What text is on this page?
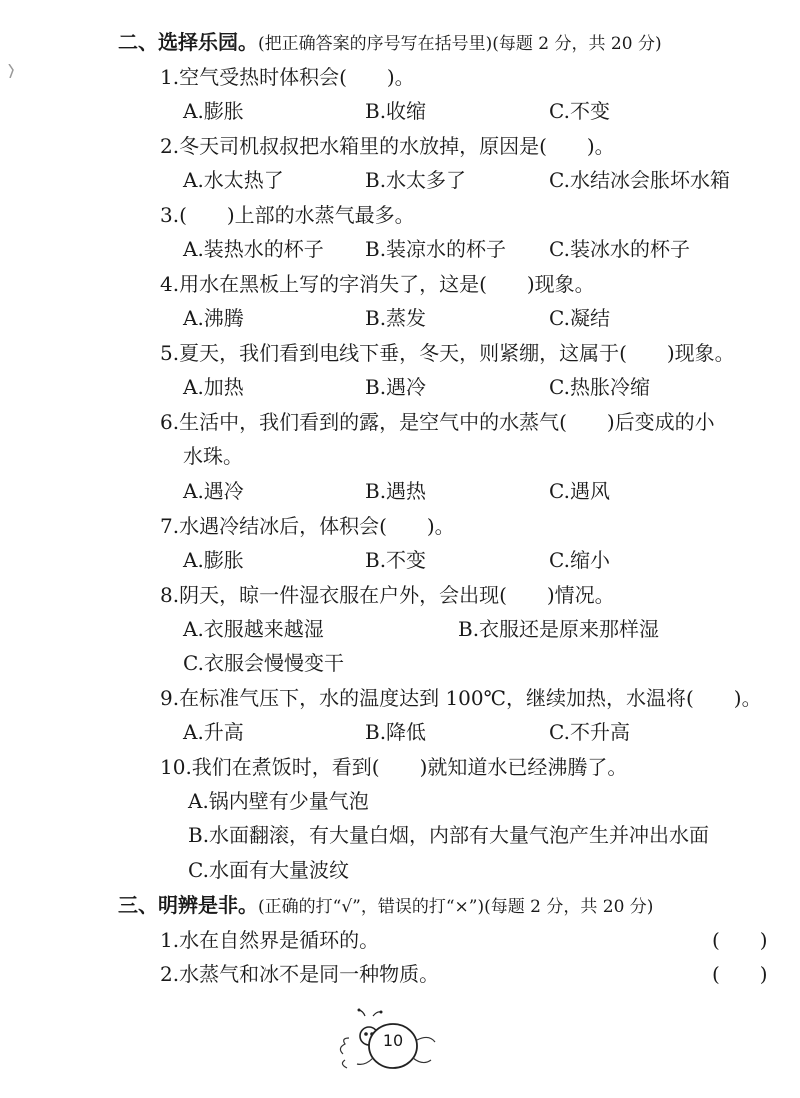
二、选择乐园。(把正确答案的序号写在括号里)(每题 2 分，共 20 分)
1.空气受热时体积会(　　)。
A.膨胀	B.收缩	C.不变
2.冬天司机叔叔把水箱里的水放掉，原因是(　　)。
A.水太热了	B.水太多了	C.水结冰会胀坏水箱
3.(　　)上部的水蒸气最多。
A.装热水的杯子 B.装凉水的杯子 C.装冰水的杯子
4.用水在黑板上写的字消失了，这是(　　)现象。
A.沸腾	B.蒸发	C.凝结
5.夏天，我们看到电线下垂，冬天，则紧绷，这属于(　　)现象。
A.加热	B.遇冷	C.热胀冷缩
6.生活中，我们看到的露，是空气中的水蒸气(　　)后变成的小
水珠。
A.遇冷	B.遇热	C.遇风
7.水遇冷结冰后，体积会(　　)。
A.膨胀	B.不变	C.缩小
8.阴天，晾一件湿衣服在户外，会出现(　　)情况。
A.衣服越来越湿	B.衣服还是原来那样湿
C.衣服会慢慢变干
9.在标准气压下，水的温度达到 100℃，继续加热，水温将(　　)。
A.升高	B.降低	C.不升高
10.我们在煮饭时，看到(　　)就知道水已经沸腾了。
A.锅内壁有少量气泡
B.水面翻滚，有大量白烟，内部有大量气泡产生并冲出水面
C.水面有大量波纹
三、明辨是非。(正确的打“√”，错误的打“×”)(每题 2 分，共 20 分)
1.水在自然界是循环的。	(　　)
2.水蒸气和冰不是同一种物质。	(　　)
10
